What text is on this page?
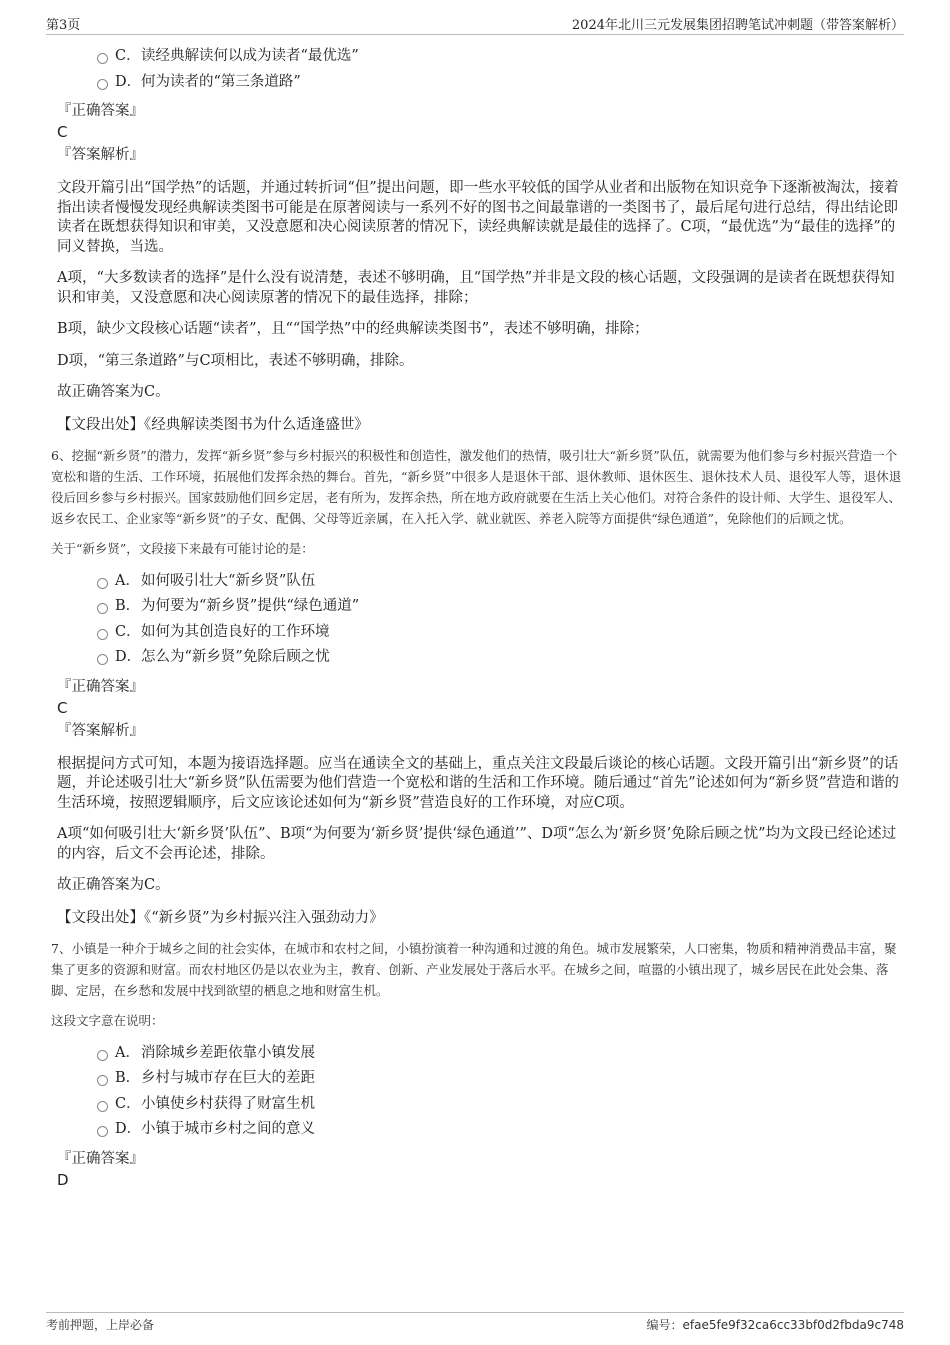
第3页	2024年北川三元发展集团招聘笔试冲刺题（带答案解析）
C．读经典解读何以成为读者“最优选”
D．何为读者的“第三条道路”
『正确答案』
C
『答案解析』

文段开篇引出“国学热”的话题，并通过转折词“但”提出问题，即一些水平较低的国学从业者和出版物在知识竞争下逐渐被淘汰，接着指出读者慢慢发现经典解读类图书可能是在原著阅读与一系列不好的图书之间最靠谱的一类图书了，最后尾句进行总结，得出结论即读者在既想获得知识和审美，又没意愿和决心阅读原著的情况下，读经典解读就是最佳的选择了。C项，“最优选”为“最佳的选择”的同义替换，当选。

A项，“大多数读者的选择”是什么没有说清楚，表述不够明确，且“国学热”并非是文段的核心话题，文段强调的是读者在既想获得知识和审美，又没意愿和决心阅读原著的情况下的最佳选择，排除；

B项，缺少文段核心话题“读者”，且““国学热”中的经典解读类图书”，表述不够明确，排除；

D项，“第三条道路”与C项相比，表述不够明确，排除。

故正确答案为C。

【文段出处】《经典解读类图书为什么适逢盛世》

6、挖掘“新乡贤”的潜力，发挥“新乡贤”参与乡村振兴的积极性和创造性，激发他们的热情，吸引壮大“新乡贤”队伍，就需要为他们参与乡村振兴营造一个宽松和谐的生活、工作环境，拓展他们发挥余热的舞台。首先，“新乡贤”中很多人是退休干部、退休教师、退休医生、退休技术人员、退役军人等，退休退役后回乡参与乡村振兴。国家鼓励他们回乡定居，老有所为，发挥余热，所在地方政府就要在生活上关心他们。对符合条件的设计师、大学生、退役军人、返乡农民工、企业家等“新乡贤”的子女、配偶、父母等近亲属，在入托入学、就业就医、养老入院等方面提供“绿色通道”，免除他们的后顾之忧。

关于“新乡贤”，文段接下来最有可能讨论的是：

A．如何吸引壮大“新乡贤”队伍
B．为何要为“新乡贤”提供“绿色通道”
C．如何为其创造良好的工作环境
D．怎么为“新乡贤”免除后顾之忧
『正确答案』
C
『答案解析』

根据提问方式可知，本题为接语选择题。应当在通读全文的基础上，重点关注文段最后谈论的核心话题。文段开篇引出“新乡贤”的话题，并论述吸引壮大“新乡贤”队伍需要为他们营造一个宽松和谐的生活和工作环境。随后通过“首先”论述如何为“新乡贤”营造和谐的生活环境，按照逻辑顺序，后文应该论述如何为“新乡贤”营造良好的工作环境，对应C项。

A项“如何吸引壮大‘新乡贤’队伍”、B项“为何要为‘新乡贤’提供‘绿色通道’”、D项“怎么为‘新乡贤’免除后顾之忧”均为文段已经论述过的内容，后文不会再论述，排除。

故正确答案为C。

【文段出处】《“新乡贤”为乡村振兴注入强劲动力》

7、小镇是一种介于城乡之间的社会实体，在城市和农村之间，小镇扮演着一种沟通和过渡的角色。城市发展繁荣，人口密集，物质和精神消费品丰富，聚集了更多的资源和财富。而农村地区仍是以农业为主，教育、创新、产业发展处于落后水平。在城乡之间，喧嚣的小镇出现了，城乡居民在此处会集、落脚、定居，在乡愁和发展中找到欲望的栖息之地和财富生机。

这段文字意在说明：

A．消除城乡差距依靠小镇发展
B．乡村与城市存在巨大的差距
C．小镇使乡村获得了财富生机
D．小镇于城市乡村之间的意义
『正确答案』
D
考前押题，上岸必备	编号：efae5fe9f32ca6cc33bf0d2fbda9c748
